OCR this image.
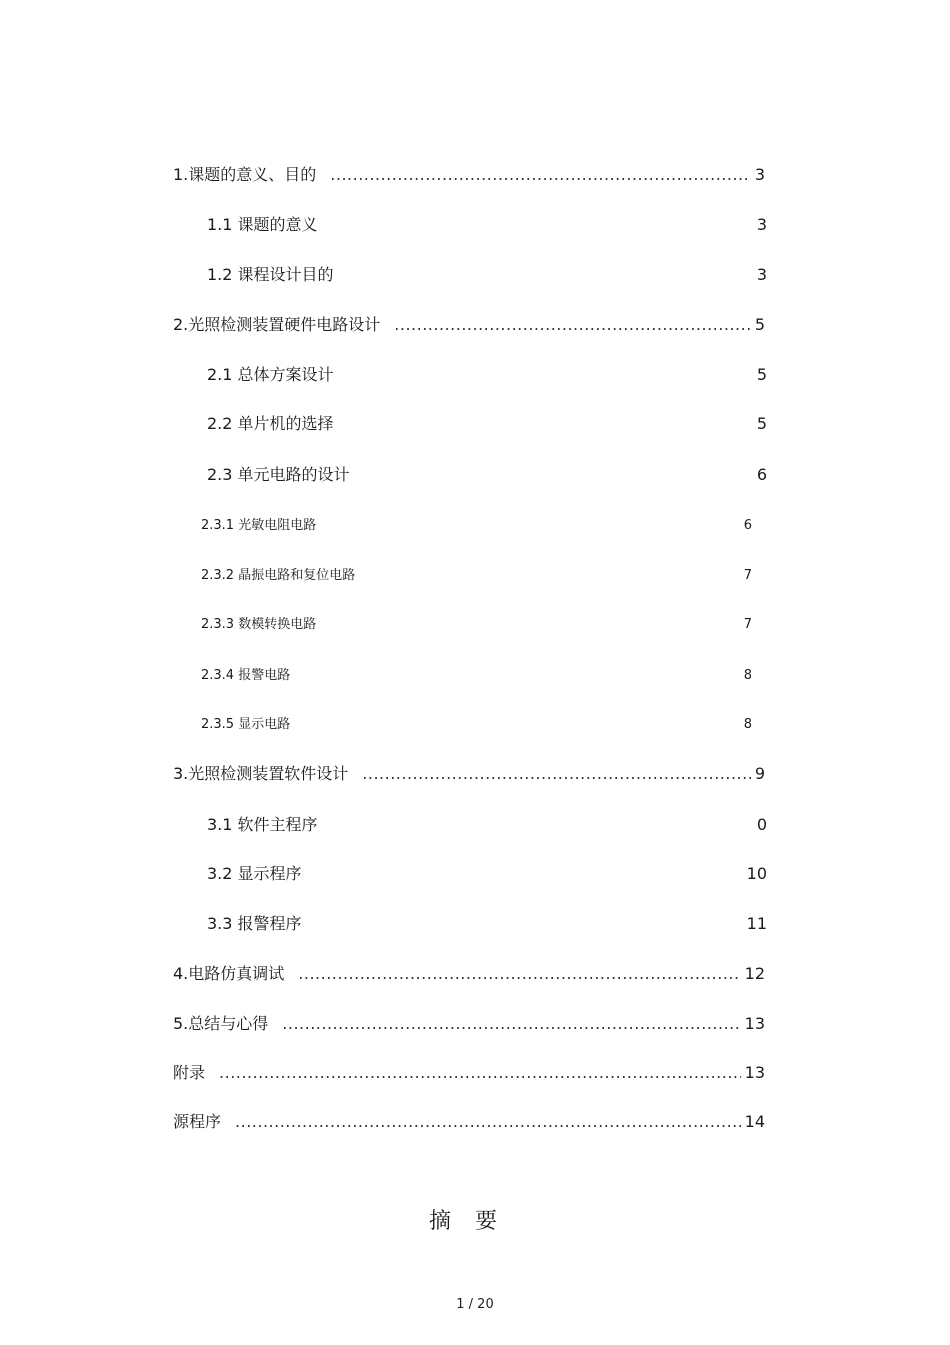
1.课题的意义、目的 .....	3
1.1 课题的意义	3
1.2 课程设计目的	3
2.光照检测装置硬件电路设计 .....	5
2.1 总体方案设计	5
2.2 单片机的选择	5
2.3 单元电路的设计	6
2.3.1 光敏电阻电路	6
2.3.2 晶振电路和复位电路	7
2.3.3 数模转换电路	7
2.3.4 报警电路	8
2.3.5 显示电路	8
3.光照检测装置软件设计 .....	9
3.1 软件主程序	0
3.2 显示程序	10
3.3 报警程序	11
4.电路仿真调试 .....	12
5.总结与心得 .....	13
附录 .....	13
源程序 .....	14
摘要
1 / 20
